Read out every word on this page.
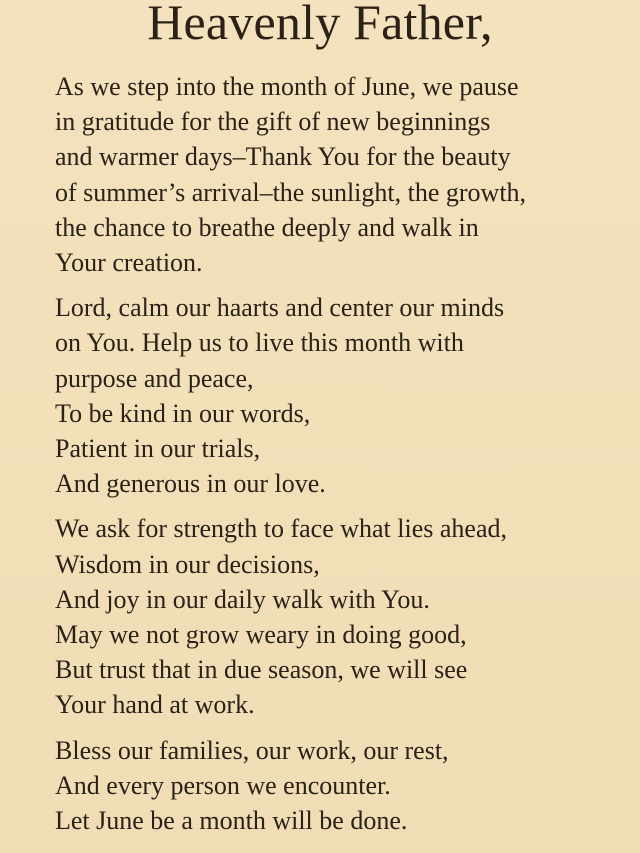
Heavenly Father,

As we step into the month of June, we pause
in gratitude for the gift of new beginnings
and warmer days–Thank You for the beauty
of summer’s arrival–the sunlight, the growth,
the chance to breathe deeply and walk in
Your creation.

Lord, calm our haarts and center our minds
on You. Help us to live this month with
purpose and peace,
To be kind in our words,
Patient in our trials,
And generous in our love.

We ask for strength to face what lies ahead,
Wisdom in our decisions,
And joy in our daily walk with You.
May we not grow weary in doing good,
But trust that in due season, we will see
Your hand at work.

Bless our families, our work, our rest,
And every person we encounter.
Let June be a month will be done.
